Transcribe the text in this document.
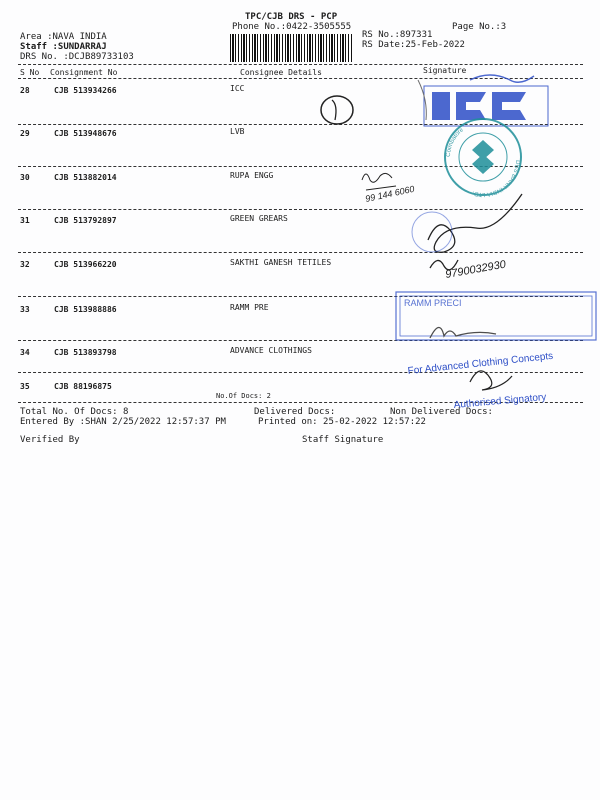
TPC/CJB DRS - PCP
Phone No.:0422-3505555	Page No.:3
Area :NAVA INDIA
Staff :SUNDARRAJ
DRS No. :DCJB89733103
RS No.:897331
RS Date:25-Feb-2022
S No Consignment No	Consignee Details	Signature
28	CJB 513934266	ICC
29	CJB 513948676	LVB
30	CJB 513882014	RUPA ENGG
31	CJB 513792897	GREEN GREARS
32	CJB 513966220	SAKTHI GANESH TETILES
33	CJB 513988886	RAMM PRE
34	CJB 513893798	ADVANCE CLOTHINGS
35	CJB 88196875
No.Of Docs: 2
Total No. Of Docs: 8	Delivered Docs:	Non Delivered Docs:
Entered By :SHAN 2/25/2022 12:57:37 PM	Printed on: 25-02-2022 12:57:22
Verified By	Staff Signature
Coimbatore
DBS BANK INDIA LTD.
99 144 6060
9790032930
RAMM PRECI
For Advanced Clothing Concepts
Authorised Signatory
